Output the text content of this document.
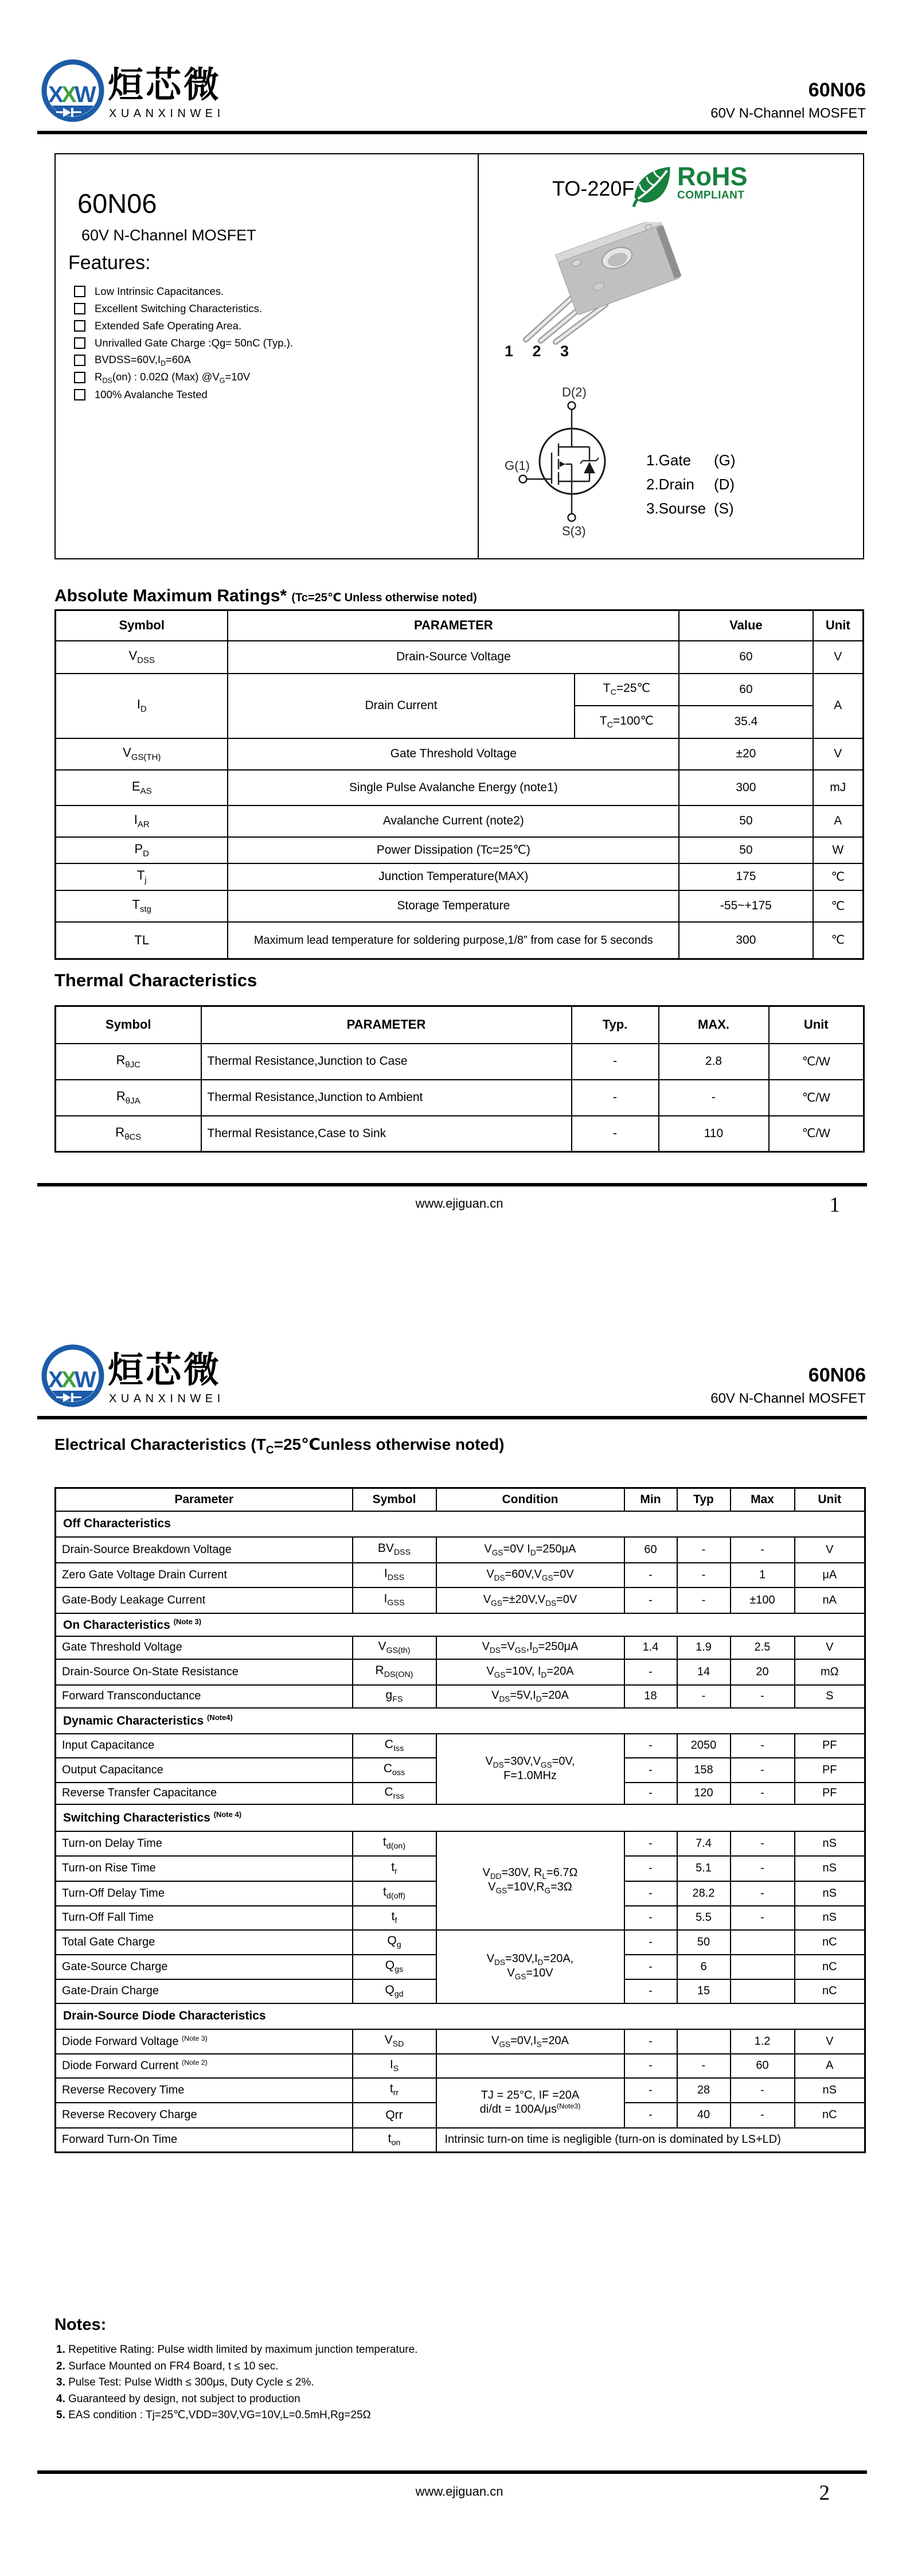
X
X
W 烜芯微
XUANXINWEI
60N06
60V N-Channel MOSFET
60N06
60V N-Channel MOSFET
Features:
Low Intrinsic Capacitances.
Excellent Switching Characteristics.
Extended Safe Operating Area.
Unrivalled Gate Charge :Qg= 50nC (Typ.).
$BVDSS=60V,I_D=60A$
$R_{DS}(on)$ : 0.02Ω (Max) $@V_G=10V$
100% Avalanche Tested
TO-220F RoHS
COMPLIANT
1 2 3
D(2)
G(1)
S(3)
1.Gate	(G)
2.Drain	(D)
3.Sourse (S)
Absolute Maximum Ratings* (Tc=25℃ Unless otherwise noted)
Symbol	PARAMETER		Value	Unit
$V_{DSS}$	Drain-Source Voltage		60	V
$I_D$	Drain Current	$T_C=25℃$	60	A
		$T_C=100℃$	35.4	
$V_{GS(TH)}$	Gate Threshold Voltage		±20	V
$E_{AS}$	Single Pulse Avalanche Energy (note1)		300	mJ
$I_{AR}$	Avalanche Current (note2)		50	A
$P_D$	Power Dissipation (Tc=25℃)		50	W
$T_j$	Junction Temperature(MAX)		175	℃
$T_{stg}$	Storage Temperature		-55~+175	℃
TL	Maximum lead temperature for soldering purpose,1/8” from case for 5 seconds		300	℃
Thermal Characteristics
Symbol	PARAMETER	Typ.	MAX.	Unit
$R_{\theta JC}$	Thermal Resistance,Junction to Case	-	2.8	℃/W
$R_{\theta JA}$	Thermal Resistance,Junction to Ambient	-	-	℃/W
$R_{\theta CS}$	Thermal Resistance,Case to Sink	-	110	℃/W
www.ejiguan.cn	1
X
X
W 烜芯微
XUANXINWEI
60N06
60V N-Channel MOSFET
Electrical Characteristics ($T_C=25℃unless$ otherwise noted)
Parameter	Symbol	Condition	Min	Typ	Max	Unit
Off Characteristics						
Drain-Source Breakdown Voltage	$BV_{DSS}$	$V_{GS}=0V$ $I_D=250\mu A$	60	-	-	V
Zero Gate Voltage Drain Current	$I_{DSS}$	$V_{DS}=60V,V_{GS}=0V$	-	-	1	μA
Gate-Body Leakage Current	$I_{GSS}$	$V_{GS}=\pm 20V,V_{DS}=0V$	-	-	±100	nA
On Characteristics $^{(Note 3)}$
Gate Threshold Voltage	$V_{GS(th)}$	$V_{DS}=V_{GS},I_D=250\mu A$	1.4	1.9	2.5	V
Drain-Source On-State Resistance	$R_{DS(ON)}$	$V_{GS}=10V$, $I_D=20A$	-	14	20	mΩ
Forward Transconductance	$g_{FS}$	$V_{DS}=5V,I_D=20A$	18	-	-	S
Dynamic Characteristics $^{(Note4)}$
Input Capacitance	$C_{Iss}$	$V_{DS}=30V,V_{GS}=0V$,
F=1.0MHz	-	2050	-	PF
Output Capacitance	$C_{oss}$		-	158	-	PF
Reverse Transfer Capacitance	$C_{rss}$		-	120	-	PF
Switching Characteristics $^{(Note 4)}$
Turn-on Delay Time	$t_{d(on)}$	$V_{DD}=30V$, $R_L=6.7\Omega$
$V_{GS}=10V,R_G=3\Omega$	-	7.4	-	nS
Turn-on Rise Time	$t_r$		-	5.1	-	nS
Turn-Off Delay Time	$t_{d(off)}$		-	28.2	-	nS
Turn-Off Fall Time	$t_f$		-	5.5	-	nS
Total Gate Charge	$Q_g$	$V_{DS}=30V,I_D=20A$,
$V_{GS}=10V$	-	50		nC
Gate-Source Charge	$Q_{gs}$		-	6		nC
Gate-Drain Charge	$Q_{gd}$		-	15		nC
Drain-Source Diode Characteristics						
Diode Forward Voltage $^{(Note 3)}$	$V_{SD}$	$V_{GS}=0V,I_S=20A$	-		1.2	V
Diode Forward Current $^{(Note 2)}$	$I_S$		-	-	60	A
Reverse Recovery Time	$t_{rr}$	TJ = 25°C, IF =20A
$di/dt = 100A/\mu s^{(Note3)}$	-	28	-	nS
Reverse Recovery Charge	Qrr		-	40	-	nC
Forward Turn-On Time	$t_{on}$	Intrinsic turn-on time is negligible (turn-on is dominated by LS+LD)				
Notes:
1. Repetitive Rating: Pulse width limited by maximum junction temperature.
2. Surface Mounted on FR4 Board, t ≤ 10 sec.
3. Pulse Test: Pulse Width ≤ 300μs, Duty Cycle ≤ 2%.
4. Guaranteed by design, not subject to production
5. EAS condition : Tj=25℃,VDD=30V,VG=10V,L=0.5mH,Rg=25Ω
www.ejiguan.cn	2
